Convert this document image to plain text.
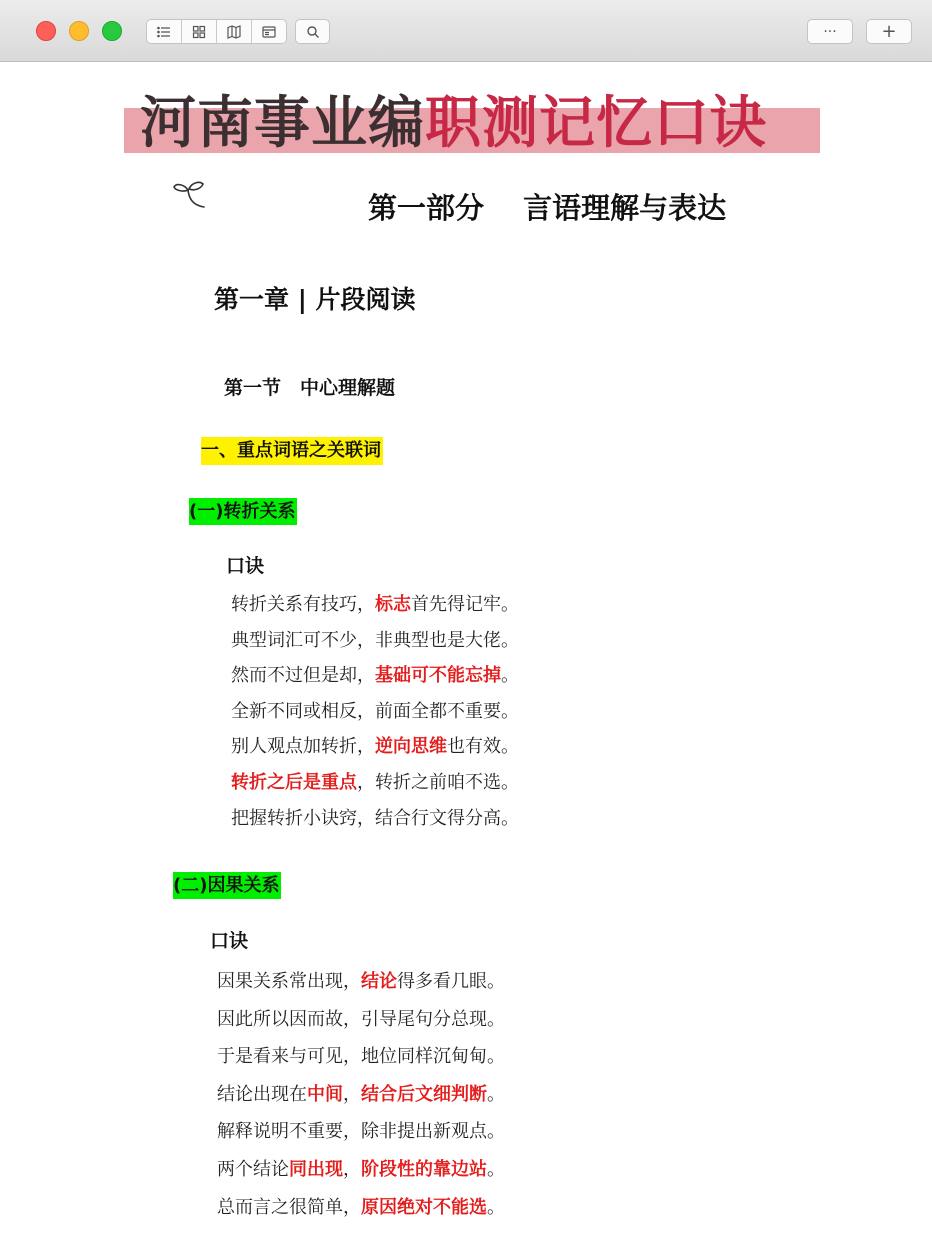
···	+
河南事业编职测记忆口诀
第一部分　 言语理解与表达
第一章 | 片段阅读
第一节　中心理解题
一、重点词语之关联词
(一)转折关系
口诀
转折关系有技巧，标志首先得记牢。
典型词汇可不少，非典型也是大佬。
然而不过但是却，基础可不能忘掉。
全新不同或相反，前面全都不重要。
别人观点加转折，逆向思维也有效。
转折之后是重点，转折之前咱不选。
把握转折小诀窍，结合行文得分高。
(二)因果关系
口诀
因果关系常出现，结论得多看几眼。
因此所以因而故，引导尾句分总现。
于是看来与可见，地位同样沉甸甸。
结论出现在中间，结合后文细判断。
解释说明不重要，除非提出新观点。
两个结论同出现，阶段性的靠边站。
总而言之很简单，原因绝对不能选。
